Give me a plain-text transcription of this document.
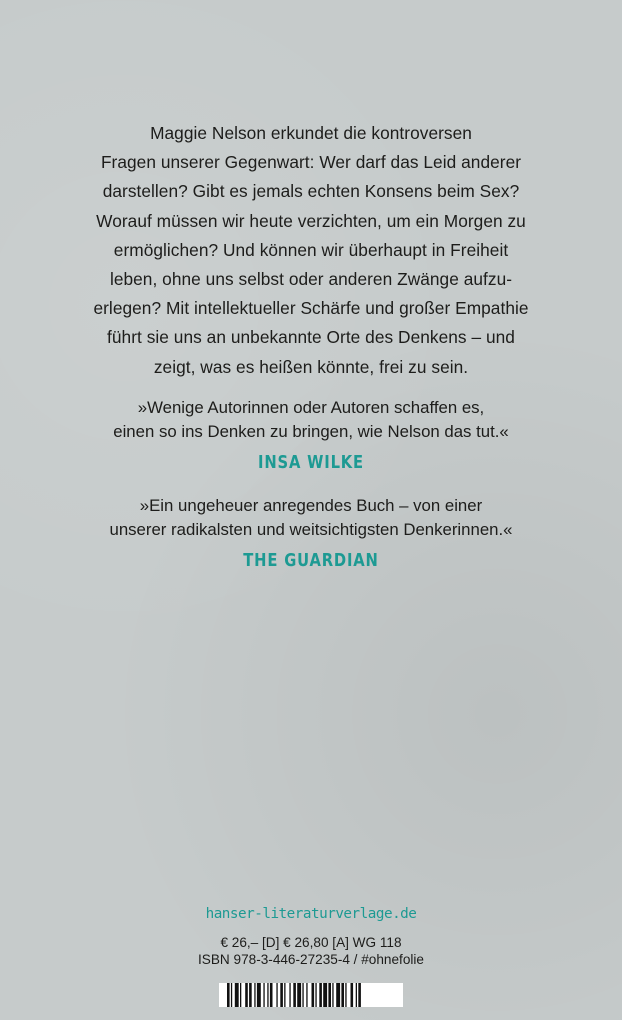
Maggie Nelson erkundet die kontroversen
Fragen unserer Gegenwart: Wer darf das Leid anderer
darstellen? Gibt es jemals echten Konsens beim Sex?
Worauf müssen wir heute verzichten, um ein Morgen zu
ermöglichen? Und können wir überhaupt in Freiheit
leben, ohne uns selbst oder anderen Zwänge aufzu-
erlegen? Mit intellektueller Schärfe und großer Empathie
führt sie uns an unbekannte Orte des Denkens – und
zeigt, was es heißen könnte, frei zu sein.
»Wenige Autorinnen oder Autoren schaffen es,
einen so ins Denken zu bringen, wie Nelson das tut.«
INSA WILKE
»Ein ungeheuer anregendes Buch – von einer
unserer radikalsten und weitsichtigsten Denkerinnen.«
THE GUARDIAN
hanser-literaturverlage.de
€ 26,– [D] € 26,80 [A] WG 118
ISBN 978-3-446-27235-4 / #ohnefolie
